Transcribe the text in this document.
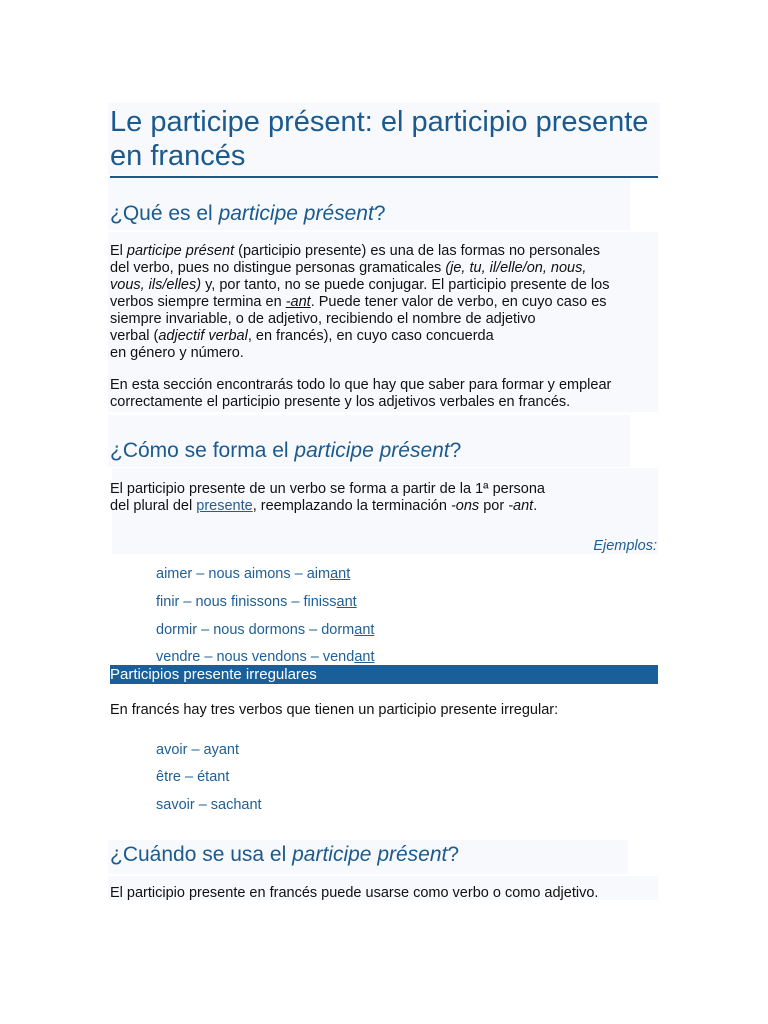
Le participe présent: el participio presente en francés
¿Qué es el participe présent?
El participe présent (participio presente) es una de las formas no personales
del verbo, pues no distingue personas gramaticales (je, tu, il/elle/on, nous,
vous, ils/elles) y, por tanto, no se puede conjugar. El participio presente de los
verbos siempre termina en -ant. Puede tener valor de verbo, en cuyo caso es
siempre invariable, o de adjetivo, recibiendo el nombre de adjetivo
verbal (adjectif verbal, en francés), en cuyo caso concuerda
en género y número.
En esta sección encontrarás todo lo que hay que saber para formar y emplear
correctamente el participio presente y los adjetivos verbales en francés.
¿Cómo se forma el participe présent?
El participio presente de un verbo se forma a partir de la 1ª persona
del plural del presente, reemplazando la terminación -ons por -ant.
Ejemplos:
aimer – nous aimons – aimant
finir – nous finissons – finissant
dormir – nous dormons – dormant
vendre – nous vendons – vendant
Participios presente irregulares
En francés hay tres verbos que tienen un participio presente irregular:
avoir – ayant
être – étant
savoir – sachant
¿Cuándo se usa el participe présent?
El participio presente en francés puede usarse como verbo o como adjetivo.
